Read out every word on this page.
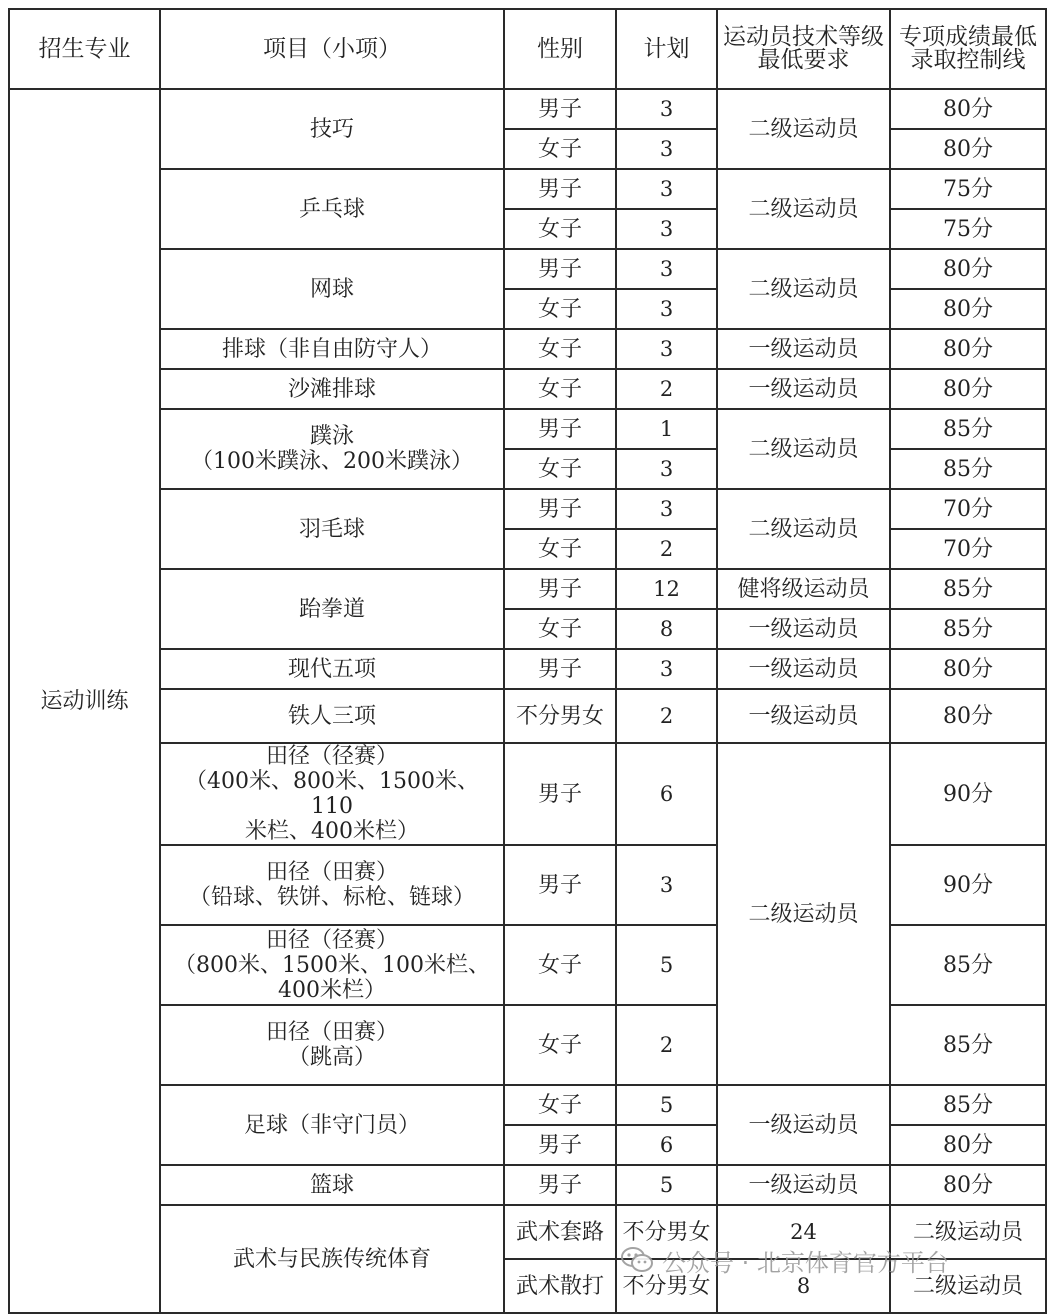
招生专业	项目（小项）	性别	计划	运动员技术等级最低要求	专项成绩最低录取控制线	
运动训练	技巧	男子	3	二级运动员	80分	
		女子	3		80分	
	乒乓球	男子	3	二级运动员	75分	
		女子	3		75分	
	网球	男子	3	二级运动员	80分	
		女子	3		80分	
	排球（非自由防守人）	女子	3	一级运动员	80分	
	沙滩排球	女子	2	一级运动员	80分	

	蹼泳
（100米蹼泳、200米蹼泳）	男子	1	二级运动员	85分	
		女子	3		85分	
	羽毛球	男子	3	二级运动员	70分	
		女子	2		70分	
	跆拳道	男子	12	健将级运动员	85分	
		女子	8	一级运动员	85分	
	现代五项	男子	3	一级运动员	80分	
	铁人三项	不分男女	2	一级运动员	80分	

	田径（径赛）
（400米、800米、1500米、110
米栏、400米栏）	男子	6	二级运动员	90分	

	田径（田赛）
（铅球、铁饼、标枪、链球）	男子	3		90分	

	田径（径赛）
（800米、1500米、100米栏、
400米栏）	女子	5		85分	

	田径（田赛）
（跳高）	女子	2		85分	
	足球（非守门员）	女子	5	一级运动员	85分	
		男子	6		80分	
	篮球	男子	5	一级运动员	80分	
	武术与民族传统体育	武术套路	不分男女	24	二级运动员	
		武术散打	不分男女	8	二级运动员	
公众号 · 北京体育官方平台
